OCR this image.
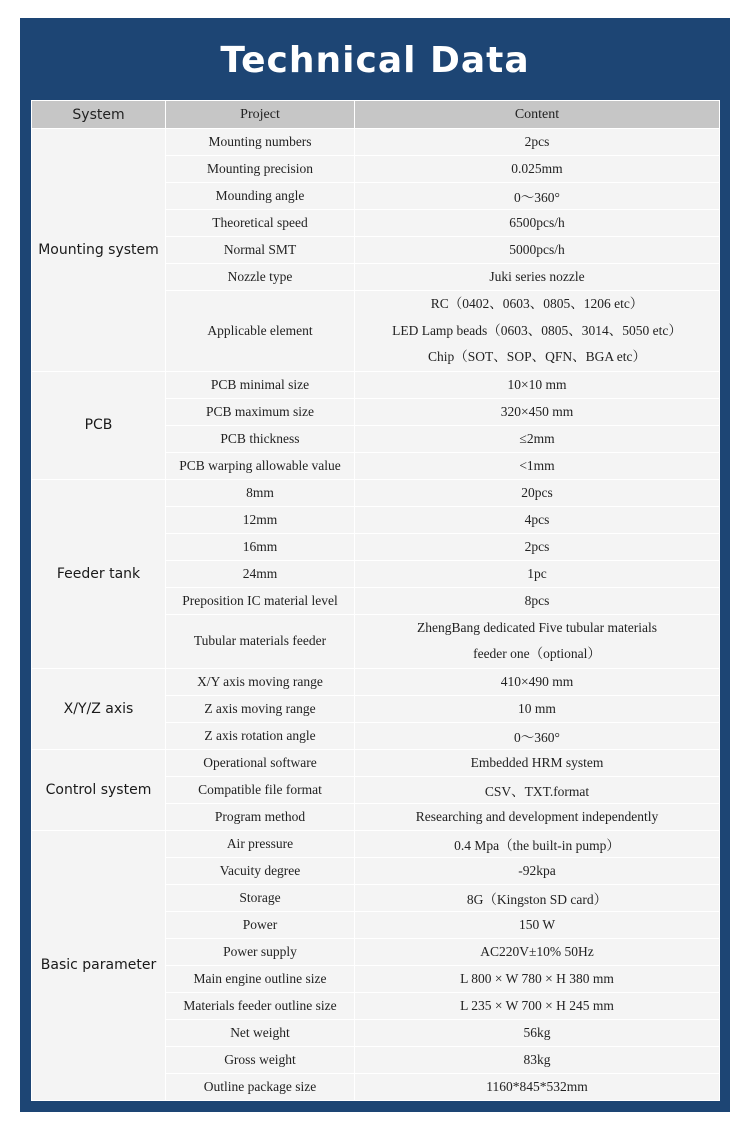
Technical Data
System	Project	Content
Mounting system	Mounting numbers	2pcs
	Mounting precision	0.025mm
	Mounding angle	0～360°
	Theoretical speed	6500pcs/h
	Normal SMT	5000pcs/h
	Nozzle type	Juki series nozzle
	Applicable element	RC（0402、0603、0805、1206 etc）
LED Lamp beads（0603、0805、3014、5050 etc）
Chip（SOT、SOP、QFN、BGA etc）

PCB	PCB minimal size	10×10 mm
	PCB maximum size	320×450 mm
	PCB thickness	≤2mm
	PCB warping allowable value	<1mm
Feeder tank	8mm	20pcs
	12mm	4pcs
	16mm	2pcs
	24mm	1pc
	Preposition IC material level	8pcs
	Tubular materials feeder	ZhengBang dedicated Five tubular materials
feeder one（optional）

X/Y/Z axis	X/Y axis moving range	410×490 mm
	Z axis moving range	10 mm
	Z axis rotation angle	0～360°
Control system	Operational software	Embedded HRM system
	Compatible file format	CSV、TXT.format
	Program method	Researching and development independently
Basic parameter	Air pressure	0.4 Mpa（the built-in pump）
	Vacuity degree	-92kpa
	Storage	8G（Kingston SD card）
	Power	150 W
	Power supply	AC220V±10% 50Hz
	Main engine outline size	L 800 × W 780 × H 380 mm
	Materials feeder outline size	L 235 × W 700 × H 245 mm
	Net weight	56kg
	Gross weight	83kg
	Outline package size	1160*845*532mm
